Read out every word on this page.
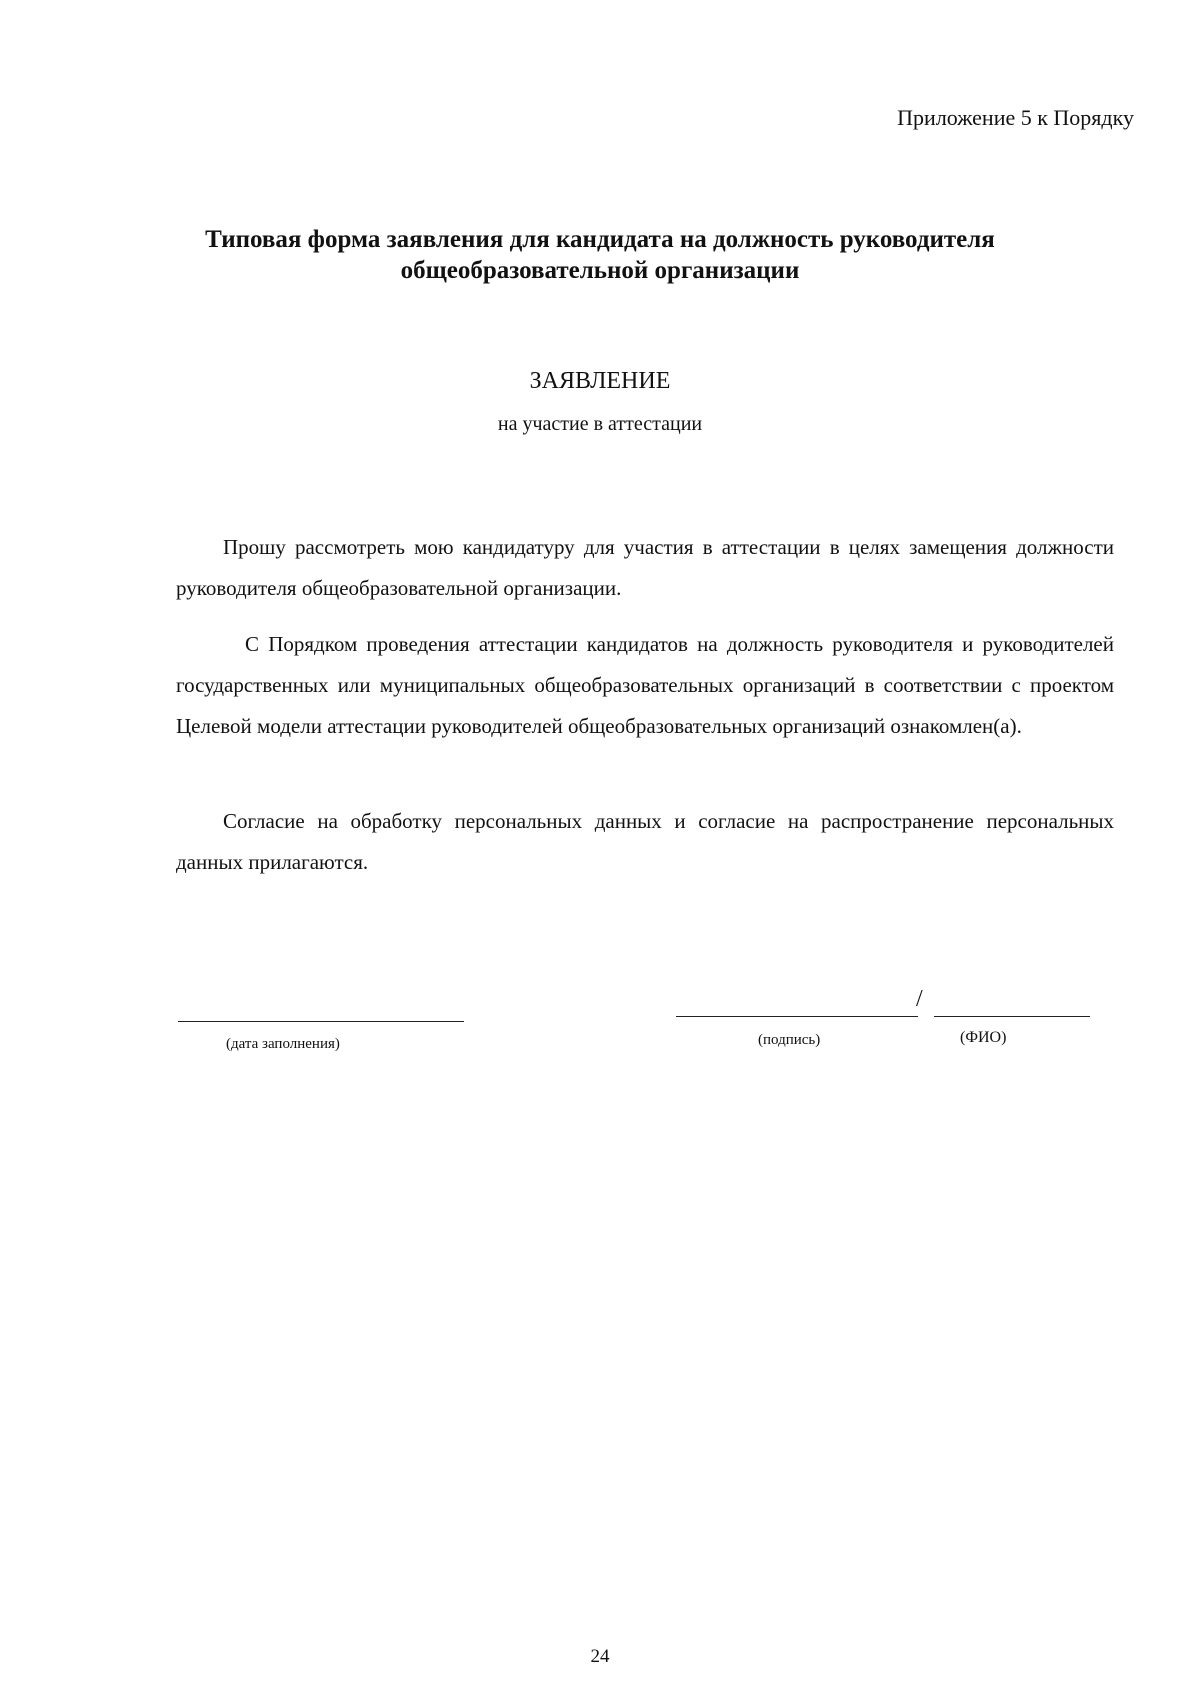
Приложение 5 к Порядку
Типовая форма заявления для кандидата на должность руководителя
общеобразовательной организации
ЗАЯВЛЕНИЕ
на участие в аттестации

Прошу рассмотреть мою кандидатуру для участия в аттестации в целях замещения должности руководителя общеобразовательной организации.

С Порядком проведения аттестации кандидатов на должность руководителя и руководителей государственных или муниципальных общеобразовательных организаций в соответствии с проектом Целевой модели аттестации руководителей общеобразовательных организаций ознакомлен(а).

Согласие на обработку персональных данных и согласие на распространение персональных данных прилагаются.

/
(дата заполнения)	(подпись)	(ФИО)
24
